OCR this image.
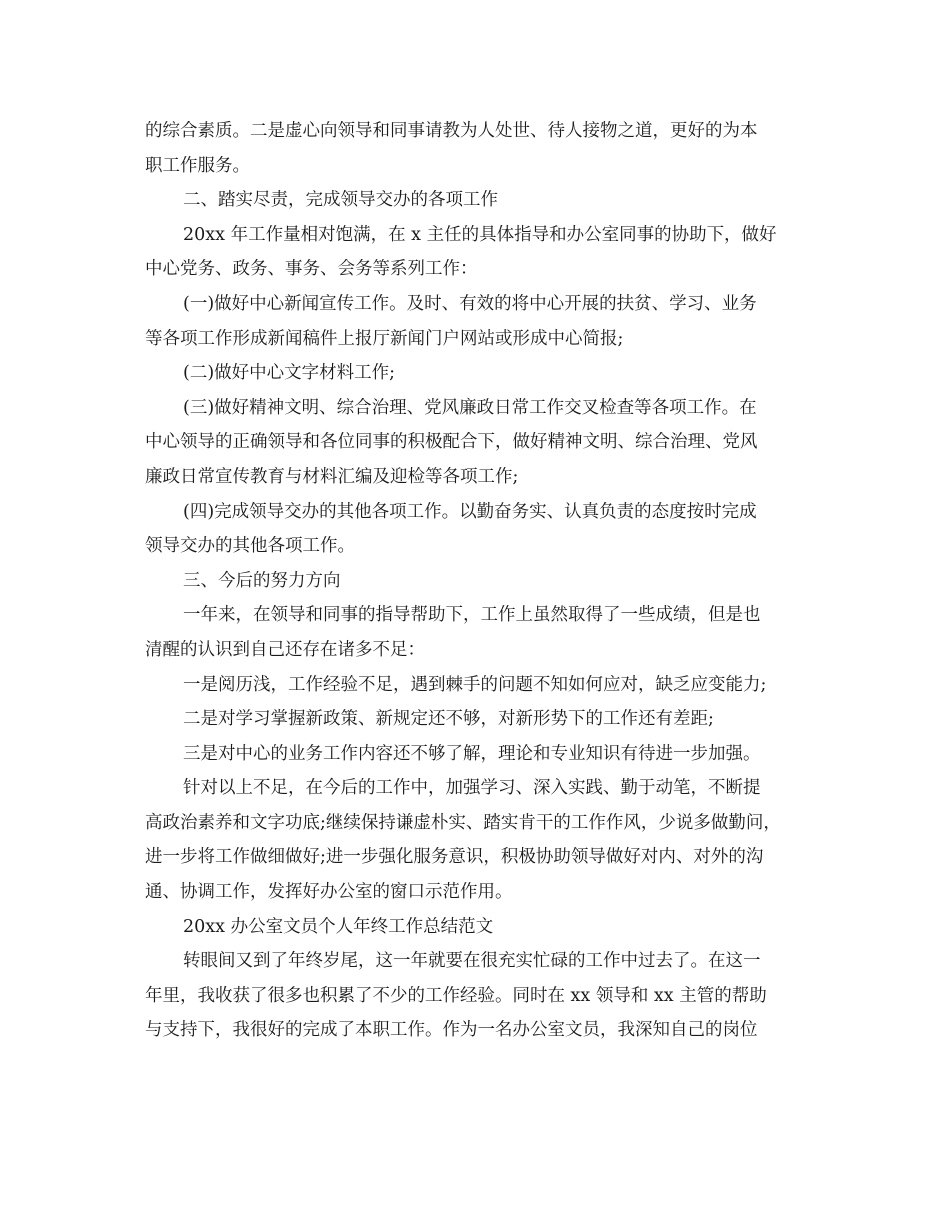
的综合素质。二是虚心向领导和同事请教为人处世、待人接物之道，更好的为本
职工作服务。
二、踏实尽责，完成领导交办的各项工作
20xx 年工作量相对饱满，在 x 主任的具体指导和办公室同事的协助下，做好
中心党务、政务、事务、会务等系列工作：
(一)做好中心新闻宣传工作。及时、有效的将中心开展的扶贫、学习、业务
等各项工作形成新闻稿件上报厅新闻门户网站或形成中心简报;
(二)做好中心文字材料工作;
(三)做好精神文明、综合治理、党风廉政日常工作交叉检查等各项工作。在
中心领导的正确领导和各位同事的积极配合下，做好精神文明、综合治理、党风
廉政日常宣传教育与材料汇编及迎检等各项工作;
(四)完成领导交办的其他各项工作。以勤奋务实、认真负责的态度按时完成
领导交办的其他各项工作。
三、今后的努力方向
一年来，在领导和同事的指导帮助下，工作上虽然取得了一些成绩，但是也
清醒的认识到自己还存在诸多不足：
一是阅历浅，工作经验不足，遇到棘手的问题不知如何应对，缺乏应变能力;
二是对学习掌握新政策、新规定还不够，对新形势下的工作还有差距;
三是对中心的业务工作内容还不够了解，理论和专业知识有待进一步加强。
针对以上不足，在今后的工作中，加强学习、深入实践、勤于动笔，不断提
高政治素养和文字功底;继续保持谦虚朴实、踏实肯干的工作作风，少说多做勤问，
进一步将工作做细做好;进一步强化服务意识，积极协助领导做好对内、对外的沟
通、协调工作，发挥好办公室的窗口示范作用。
20xx 办公室文员个人年终工作总结范文
转眼间又到了年终岁尾，这一年就要在很充实忙碌的工作中过去了。在这一
年里，我收获了很多也积累了不少的工作经验。同时在 xx 领导和 xx 主管的帮助
与支持下，我很好的完成了本职工作。作为一名办公室文员，我深知自己的岗位
